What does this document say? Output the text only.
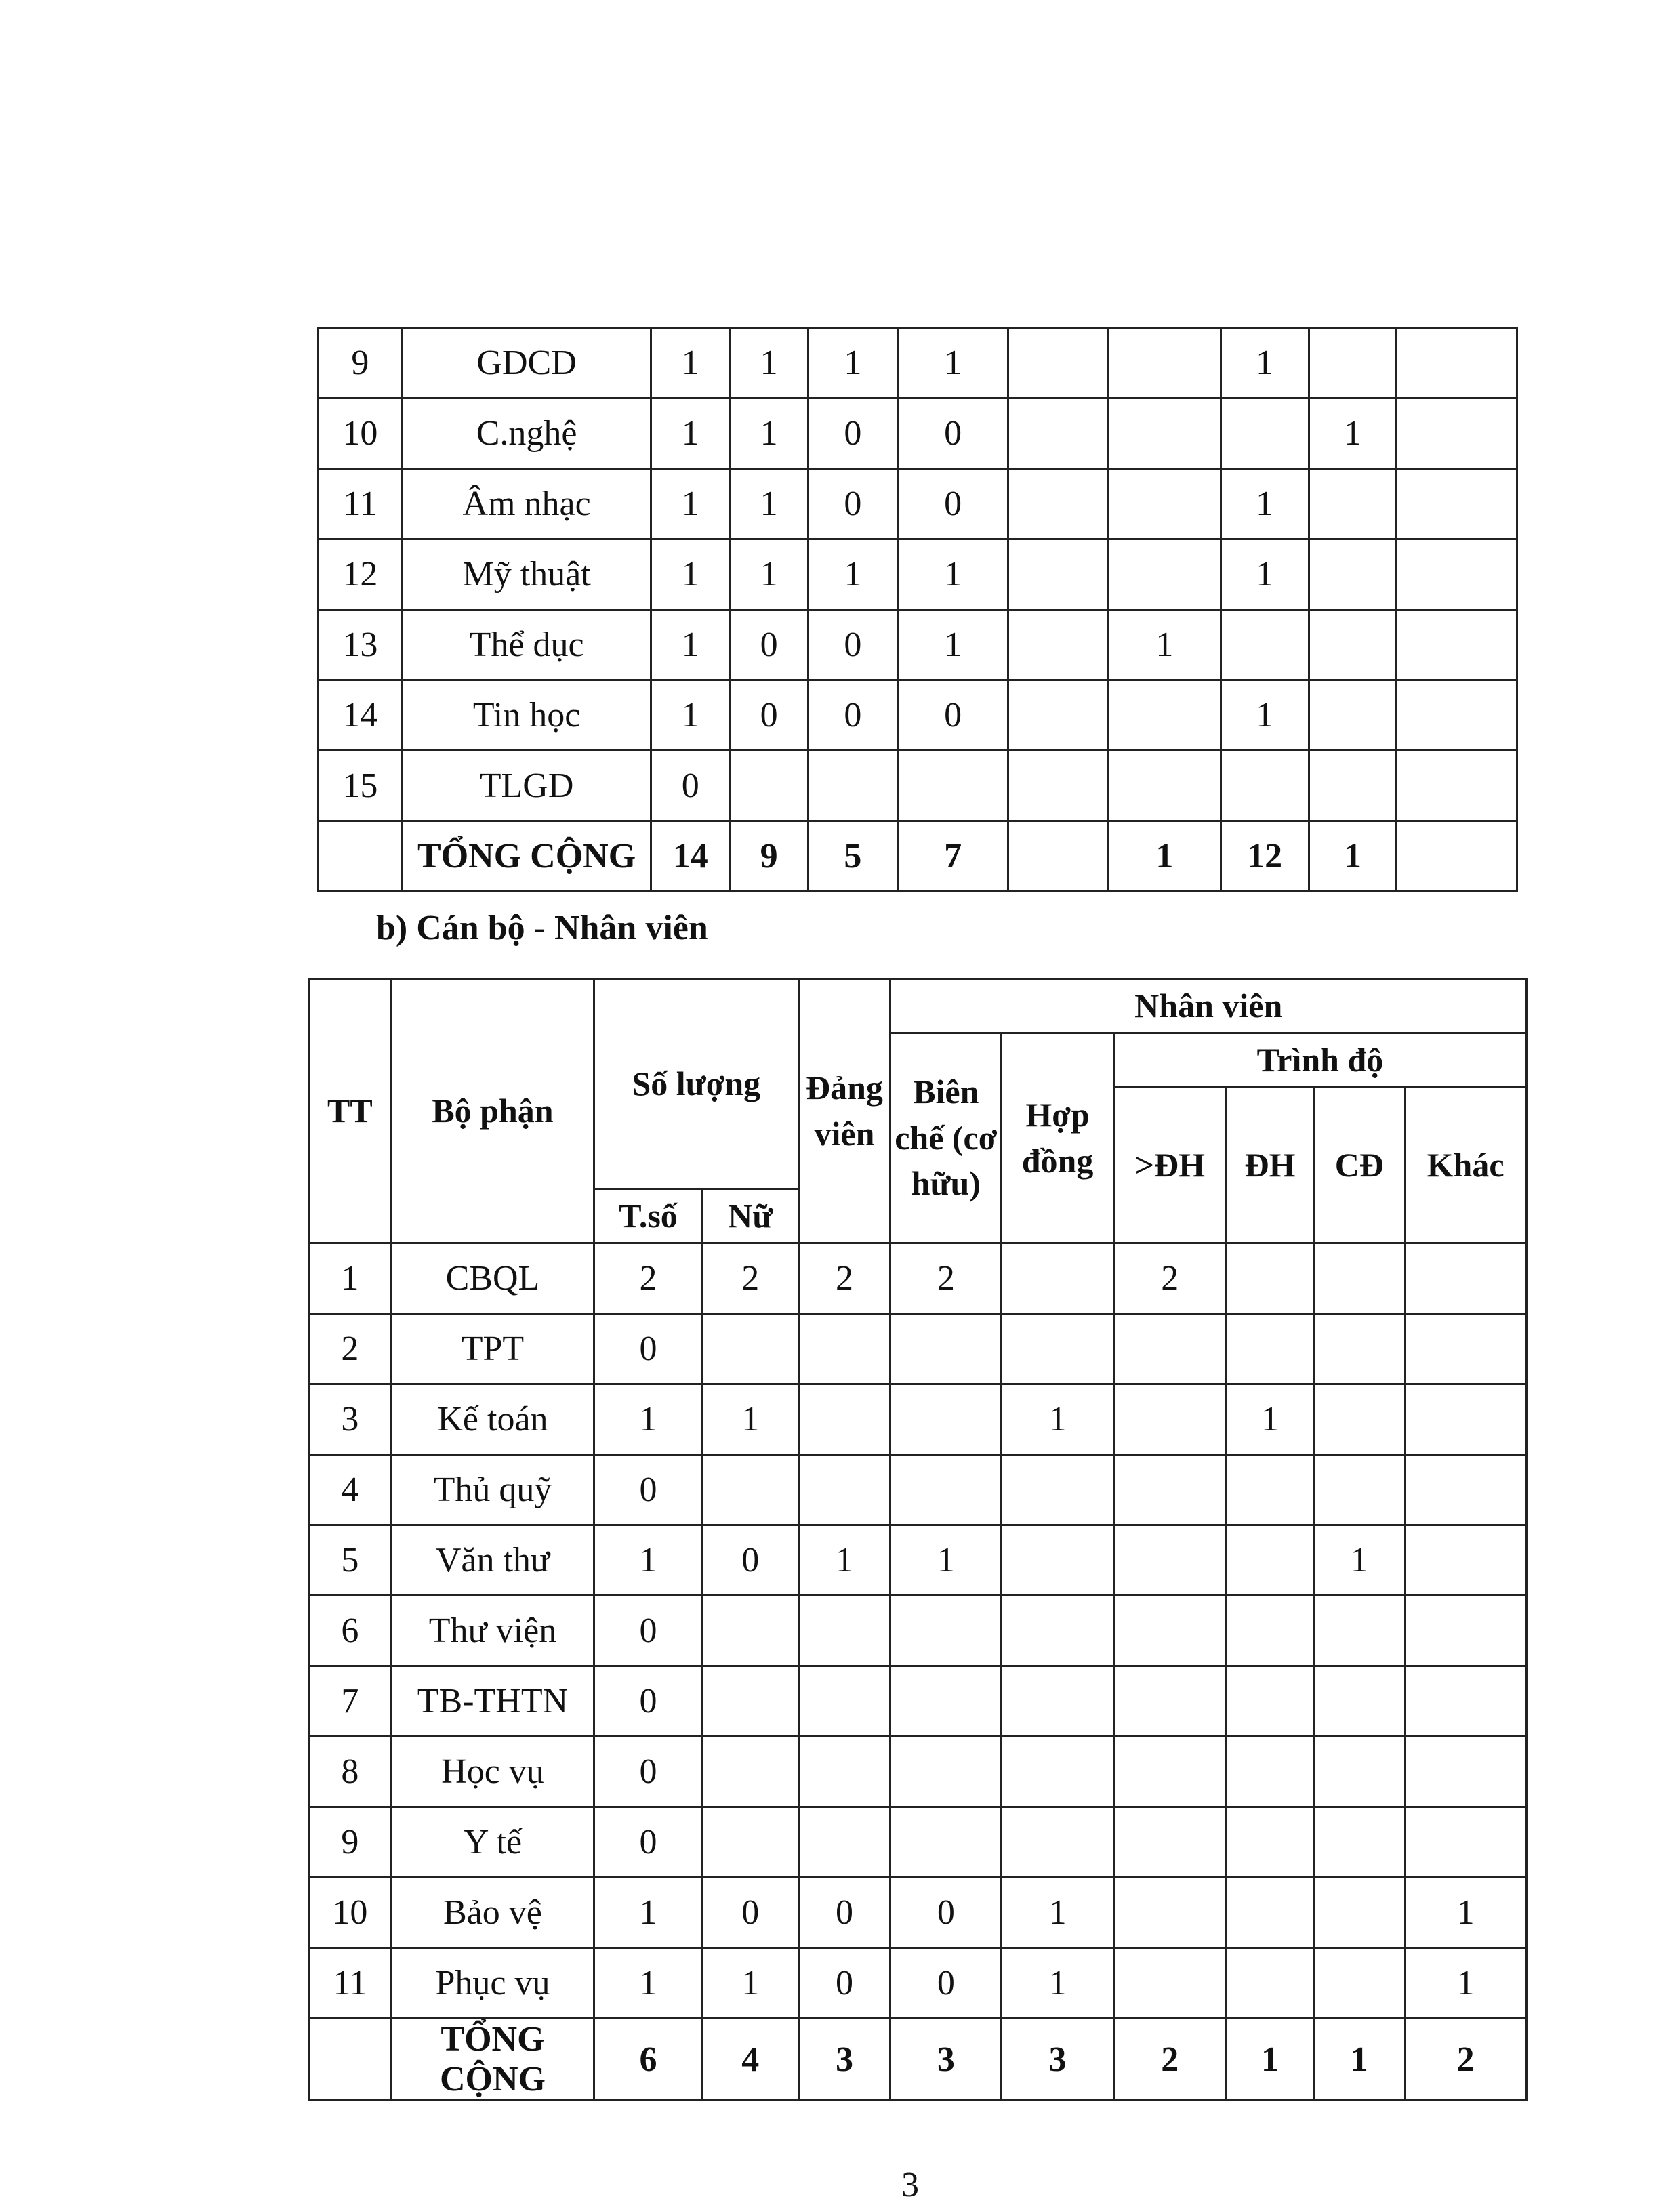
9	GDCD	1	1	1	1			1		
10	C.nghệ	1	1	0	0				1	
11	Âm nhạc	1	1	0	0			1		
12	Mỹ thuật	1	1	1	1			1		
13	Thể dục	1	0	0	1		1			
14	Tin học	1	0	0	0			1		
15	TLGD	0								
	TỔNG CỘNG	14	9	5	7		1	12	1	
b) Cán bộ - Nhân viên
TT	Bộ phận	Số lượng		Đảng viên	Nhân viên					
					Biên chế (cơ hữu)	Hợp đồng	Trình độ			
							>ĐH	ĐH	CĐ	Khác
		T.số	Nữ							
1	CBQL	2	2	2	2		2			
2	TPT	0								
3	Kế toán	1	1			1		1		
4	Thủ quỹ	0								
5	Văn thư	1	0	1	1				1	
6	Thư viện	0								
7	TB-THTN	0								
8	Học vụ	0								
9	Y tế	0								
10	Bảo vệ	1	0	0	0	1				1
11	Phục vụ	1	1	0	0	1				1
	TỔNG CỘNG	6	4	3	3	3	2	1	1	2
3
